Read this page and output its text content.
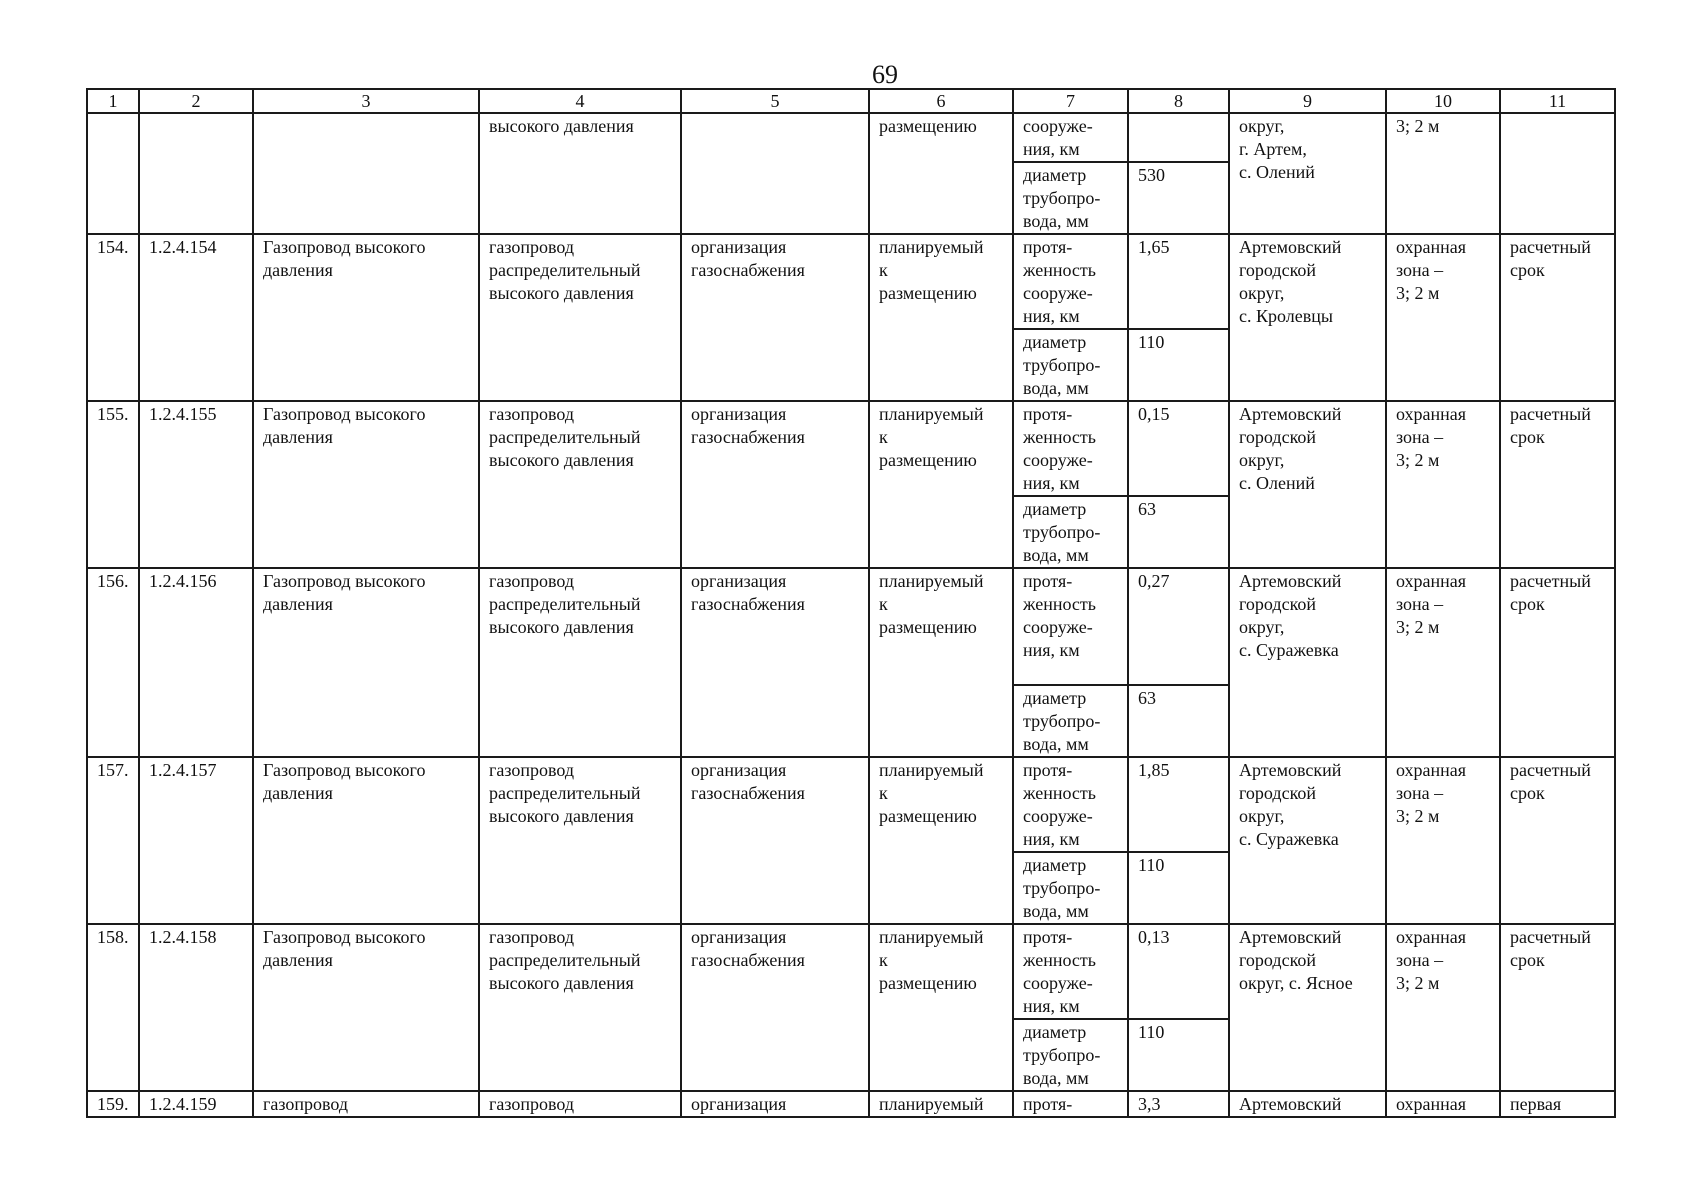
69
1	2	3	4	5	6	7	8	9	10	11
			высокого давления		размещению	сооруже-
ния, км		округ,
г. Артем,
с. Олений	3; 2 м	
						диаметр
трубопро-
вода, мм	530			
154.	1.2.4.154	Газопровод высокого давления	газопровод
распределительный
высокого давления	организация
газоснабжения	планируемый
к
размещению	протя-
женность
сооруже-
ния, км	1,65	Артемовский
городской
округ,
с. Кролевцы	охранная
зона –
3; 2 м	расчетный
срок
						диаметр
трубопро-
вода, мм	110			
155.	1.2.4.155	Газопровод высокого давления	газопровод
распределительный
высокого давления	организация
газоснабжения	планируемый
к
размещению	протя-
женность
сооруже-
ния, км	0,15	Артемовский
городской
округ,
с. Олений	охранная
зона –
3; 2 м	расчетный
срок
						диаметр
трубопро-
вода, мм	63			
156.	1.2.4.156	Газопровод высокого давления	газопровод
распределительный
высокого давления	организация
газоснабжения	планируемый
к
размещению	протя-
женность
сооруже-
ния, км	0,27	Артемовский
городской
округ,
с. Суражевка	охранная
зона –
3; 2 м	расчетный
срок
						диаметр
трубопро-
вода, мм	63			
157.	1.2.4.157	Газопровод высокого давления	газопровод
распределительный
высокого давления	организация
газоснабжения	планируемый
к
размещению	протя-
женность
сооруже-
ния, км	1,85	Артемовский
городской
округ,
с. Суражевка	охранная
зона –
3; 2 м	расчетный
срок
						диаметр
трубопро-
вода, мм	110			
158.	1.2.4.158	Газопровод высокого давления	газопровод
распределительный
высокого давления	организация
газоснабжения	планируемый
к
размещению	протя-
женность
сооруже-
ния, км	0,13	Артемовский
городской
округ, с. Ясное	охранная
зона –
3; 2 м	расчетный
срок
						диаметр
трубопро-
вода, мм	110			
159.	1.2.4.159	газопровод	газопровод	организация	планируемый	протя-	3,3	Артемовский	охранная	первая
